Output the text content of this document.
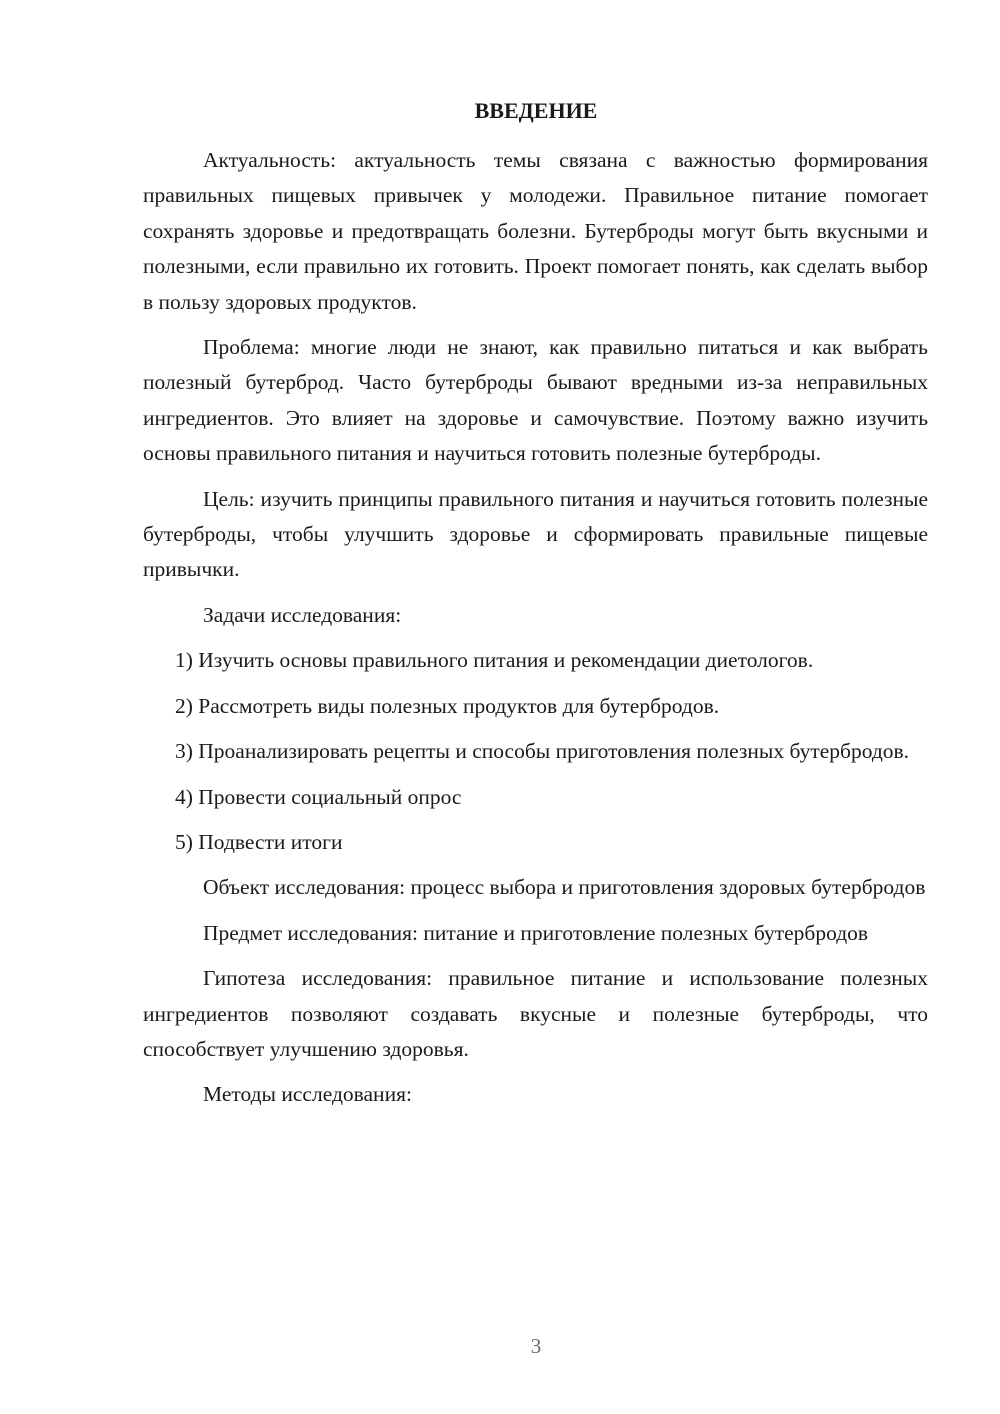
ВВЕДЕНИЕ

Актуальность: актуальность темы связана с важностью формирования правильных пищевых привычек у молодежи. Правильное питание помогает сохранять здоровье и предотвращать болезни. Бутерброды могут быть вкусными и полезными, если правильно их готовить. Проект помогает понять, как сделать выбор в пользу здоровых продуктов.

Проблема: многие люди не знают, как правильно питаться и как выбрать полезный бутерброд. Часто бутерброды бывают вредными из-за неправильных ингредиентов. Это влияет на здоровье и самочувствие. Поэтому важно изучить основы правильного питания и научиться готовить полезные бутерброды.

Цель: изучить принципы правильного питания и научиться готовить полезные бутерброды, чтобы улучшить здоровье и сформировать правильные пищевые привычки.

Задачи исследования:

1) Изучить основы правильного питания и рекомендации диетологов.

2) Рассмотреть виды полезных продуктов для бутербродов.

3) Проанализировать рецепты и способы приготовления полезных бутербродов.

4) Провести социальный опрос

5) Подвести итоги

Объект исследования: процесс выбора и приготовления здоровых бутербродов

Предмет исследования: питание и приготовление полезных бутербродов

Гипотеза исследования: правильное питание и использование полезных ингредиентов позволяют создавать вкусные и полезные бутерброды, что способствует улучшению здоровья.

Методы исследования:

3
